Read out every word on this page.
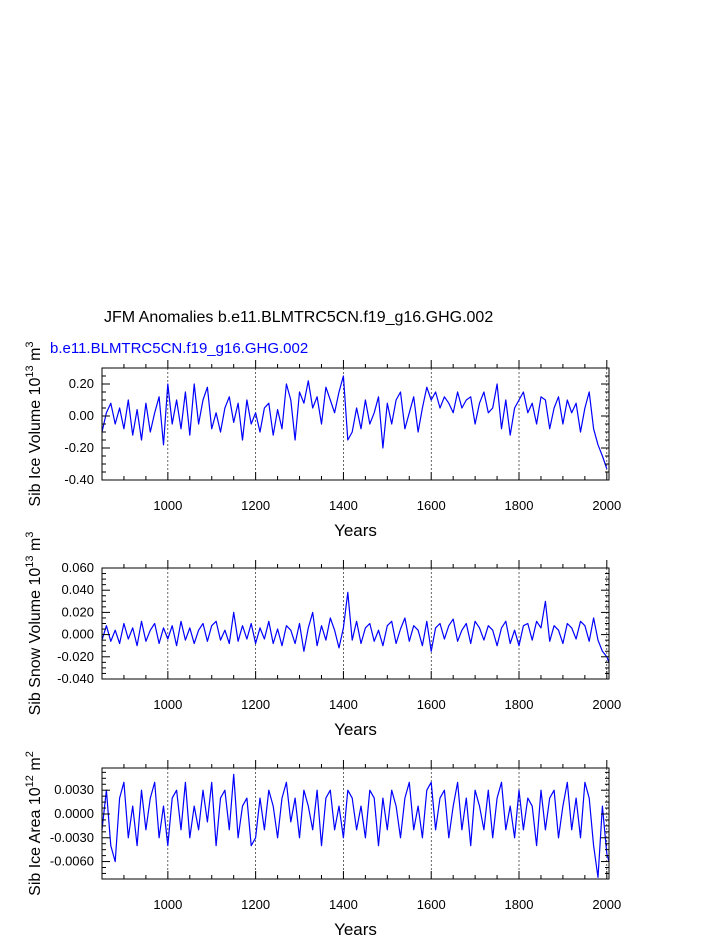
JFM Anomalies b.e11.BLMTRC5CN.f19_g16.GHG.002
b.e11.BLMTRC5CN.f19_g16.GHG.002
1000	1200	1400	1600	1800	2000
-0.40
-0.20
0.00
0.20
Years
Sib Ice Volume $10^{13}$ $m^3$
1000	1200	1400	1600	1800	2000
-0.040
-0.020
0.000
0.020
0.040
0.060
Years
Sib Snow Volume $10^{13}$ $m^3$
1000	1200	1400	1600	1800	2000
-0.0060
-0.0030
0.0000
0.0030
Years
Sib Ice Area $10^{12}$ $m^2$
